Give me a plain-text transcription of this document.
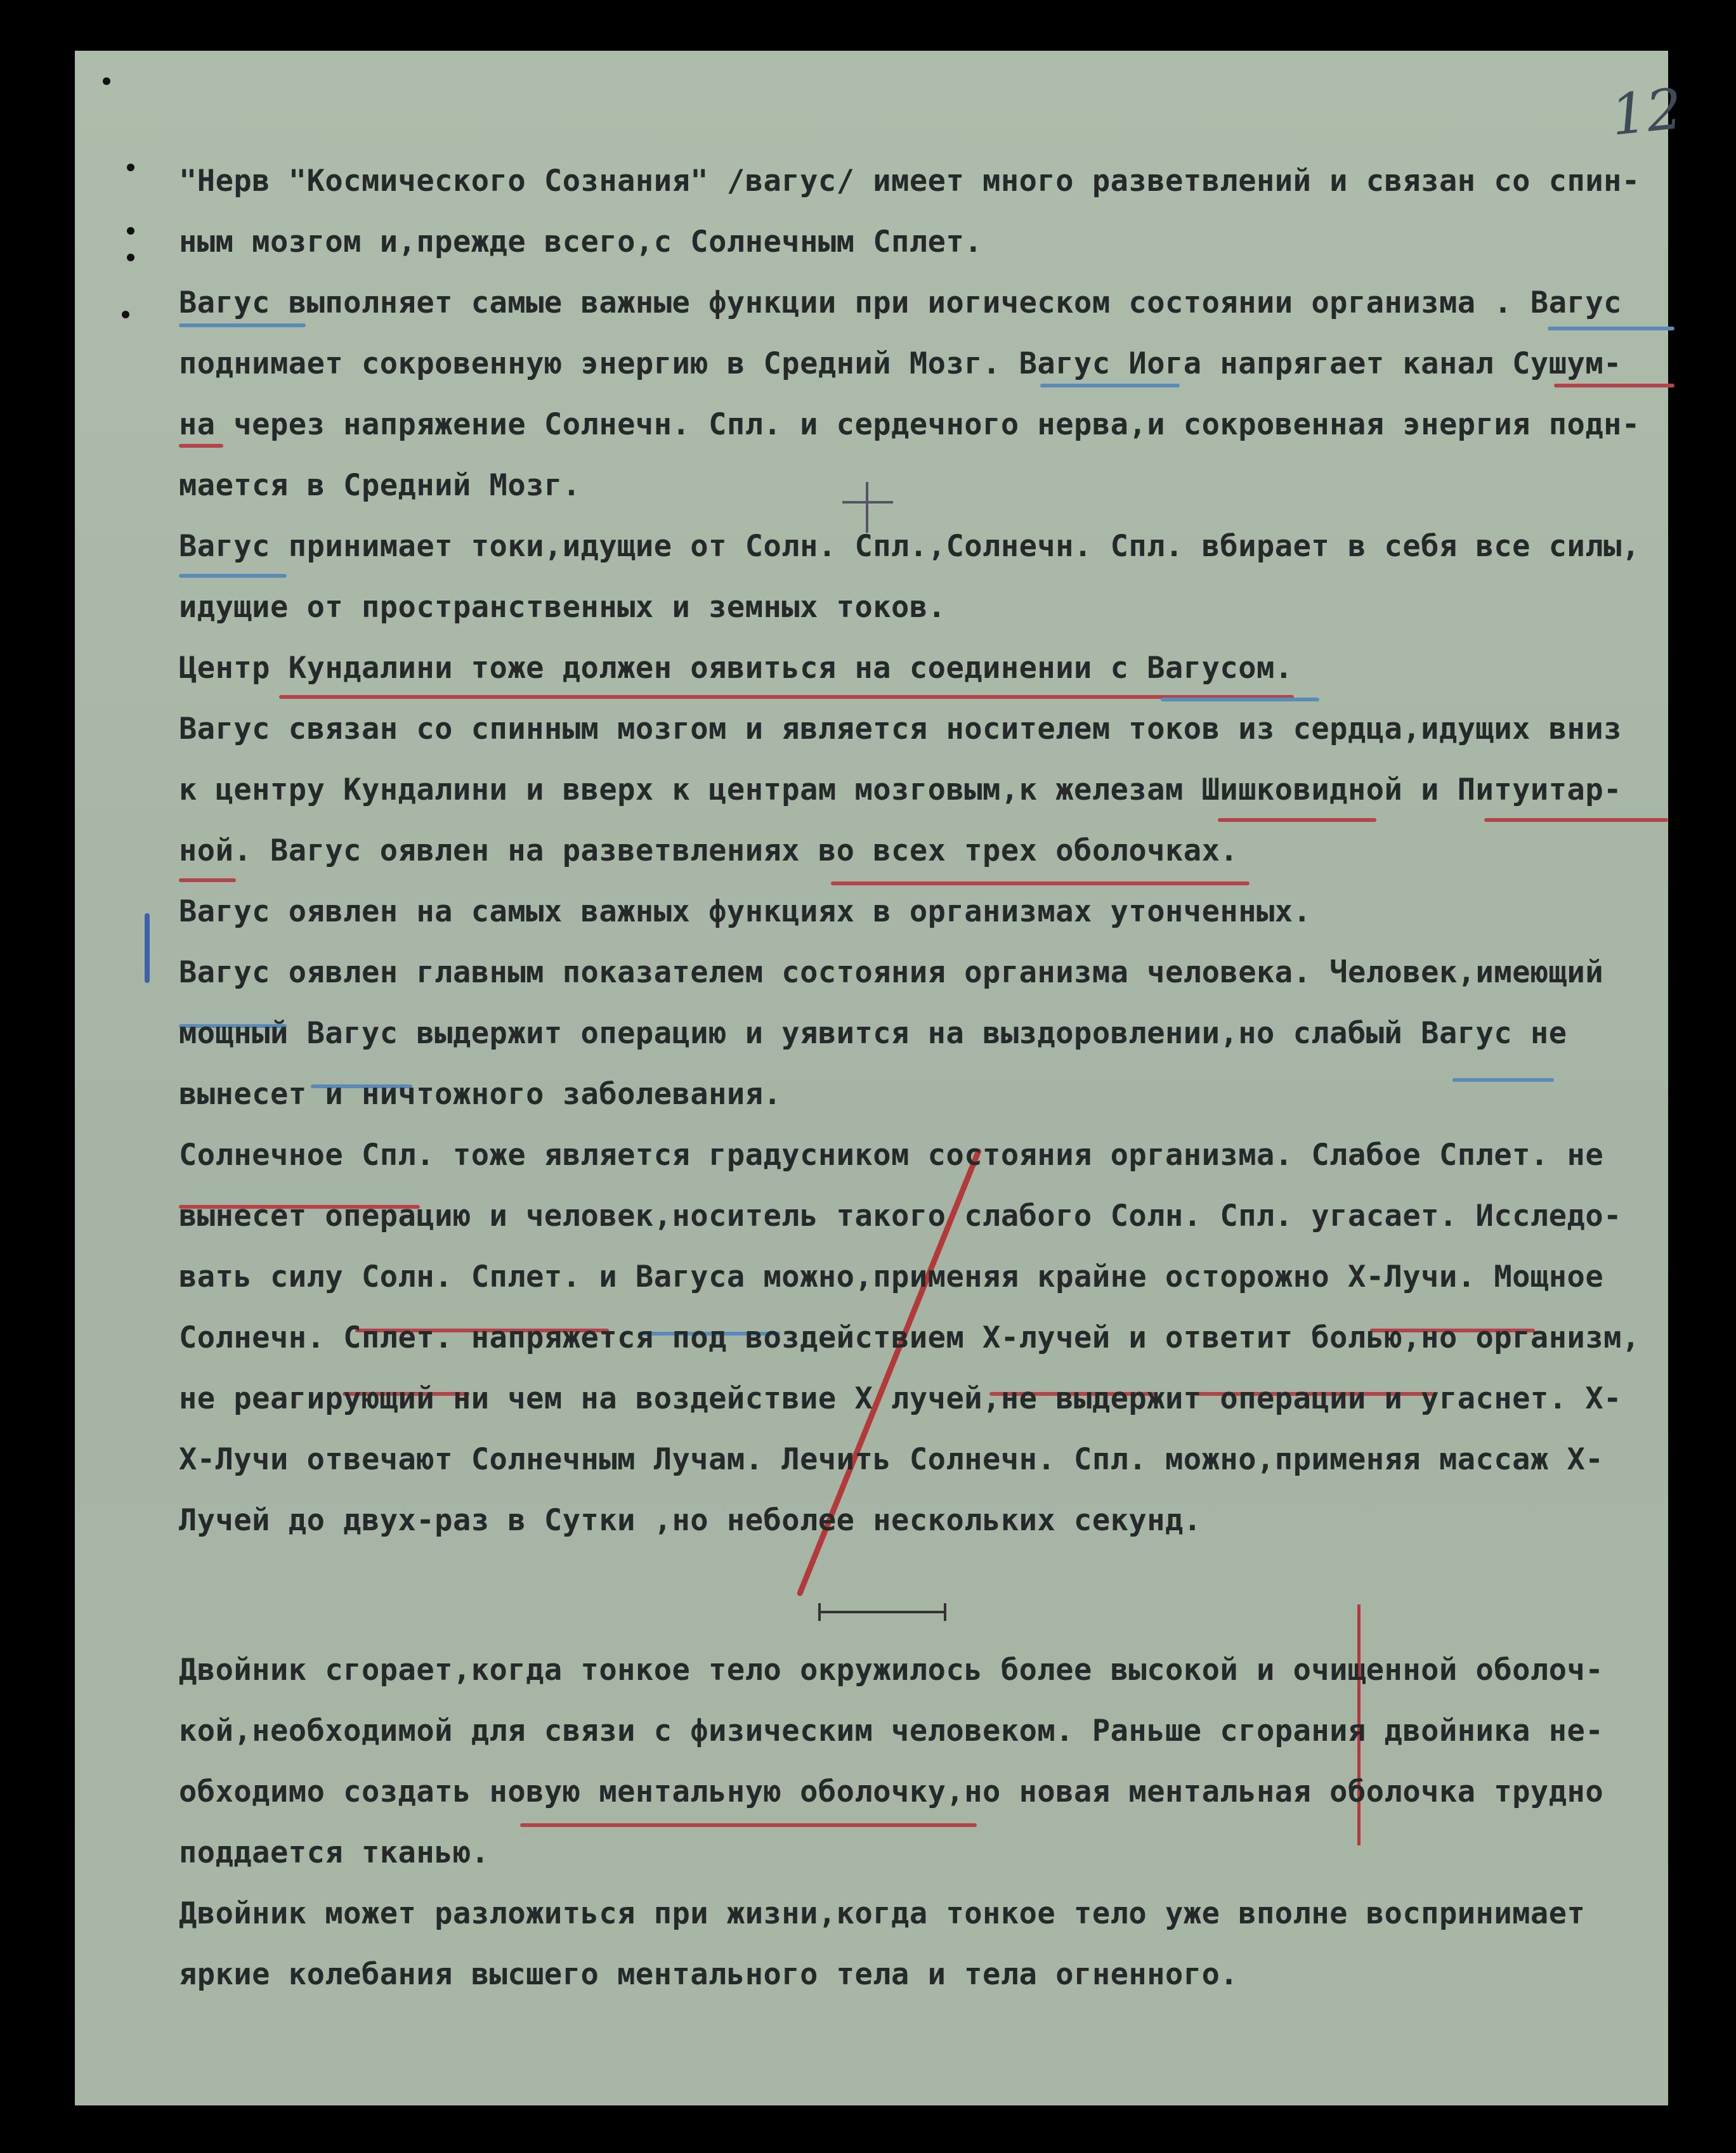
12
"Нерв "Космического Сознания" /вагус/ имеет много разветвлений и связан со спин-
ным мозгом и,прежде всего,с Солнечным Сплет.
Вагус выполняет самые важные функции при иогическом состоянии организма . Вагус
поднимает сокровенную энергию в Средний Мозг. Вагус Иога напрягает канал Сушум-
на через напряжение Солнечн. Спл. и сердечного нерва,и сокровенная энергия подн-
мается в Средний Мозг.
Вагус принимает токи,идущие от Солн. Спл.,Солнечн. Спл. вбирает в себя все силы,
идущие от пространственных и земных токов.
Центр Кундалини тоже должен оявиться на соединении с Вагусом.
Вагус связан со спинным мозгом и является носителем токов из сердца,идущих вниз
к центру Кундалини и вверх к центрам мозговым,к железам Шишковидной и Питуитар-
ной. Вагус оявлен на разветвлениях во всех трех оболочках.
Вагус оявлен на самых важных функциях в организмах утонченных.
Вагус оявлен главным показателем состояния организма человека. Человек,имеющий
мощный Вагус выдержит операцию и уявится на выздоровлении,но слабый Вагус не
вынесет и ничтожного заболевания.
Солнечное Спл. тоже является градусником состояния организма. Слабое Сплет. не
вынесет операцию и человек,носитель такого слабого Солн. Спл. угасает. Исследо-
вать силу Солн. Сплет. и Вагуса можно,применяя крайне осторожно Х-Лучи. Мощное
Солнечн. Сплет. напряжется под воздействием Х-лучей и ответит болью,но организм,
не реагирующий ни чем на воздействие Х лучей,не выдержит операции и угаснет. Х-
Х-Лучи отвечают Солнечным Лучам. Лечить Солнечн. Спл. можно,применяя массаж Х-
Лучей до двух-раз в Сутки ,но неболее нескольких секунд.
Двойник сгорает,когда тонкое тело окружилось более высокой и очищенной оболоч-
кой,необходимой для связи с физическим человеком. Раньше сгорания двойника не-
обходимо создать новую ментальную оболочку,но новая ментальная оболочка трудно
поддается тканью.
Двойник может разложиться при жизни,когда тонкое тело уже вполне воспринимает
яркие колебания высшего ментального тела и тела огненного.
